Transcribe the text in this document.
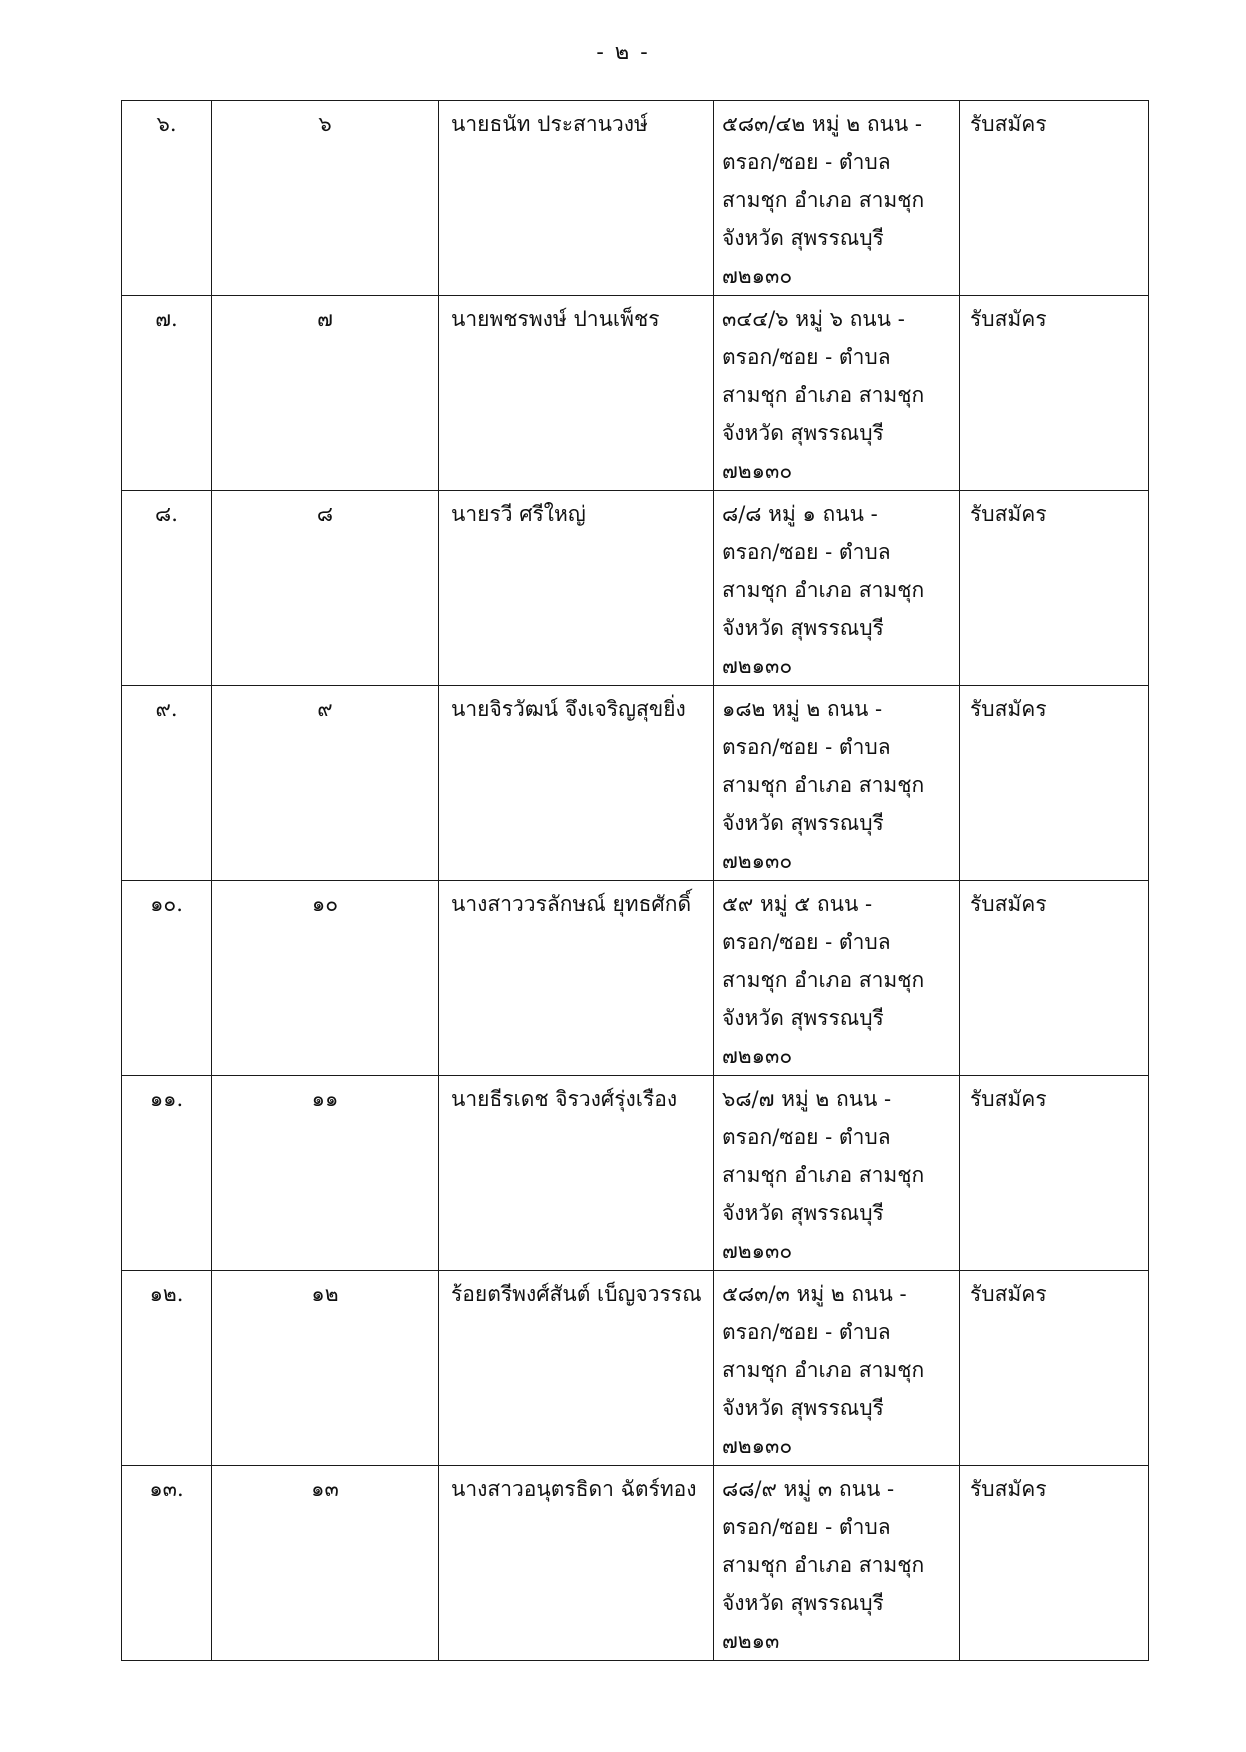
- ๒ -
๖.	๖	นายธนัท ประสานวงษ์	๕๘๓/๔๒ หมู่ ๒ ถนน -
ตรอก/ซอย - ตำบล
สามชุก อำเภอ สามชุก
จังหวัด สุพรรณบุรี
๗๒๑๓๐	รับสมัคร
๗.	๗	นายพชรพงษ์ ปานเพ็ชร	๓๔๔/๖ หมู่ ๖ ถนน -
ตรอก/ซอย - ตำบล
สามชุก อำเภอ สามชุก
จังหวัด สุพรรณบุรี
๗๒๑๓๐	รับสมัคร
๘.	๘	นายรวี ศรีใหญ่	๘/๘ หมู่ ๑ ถนน -
ตรอก/ซอย - ตำบล
สามชุก อำเภอ สามชุก
จังหวัด สุพรรณบุรี
๗๒๑๓๐	รับสมัคร
๙.	๙	นายจิรวัฒน์ จึงเจริญสุขยิ่ง	๑๘๒ หมู่ ๒ ถนน -
ตรอก/ซอย - ตำบล
สามชุก อำเภอ สามชุก
จังหวัด สุพรรณบุรี
๗๒๑๓๐	รับสมัคร
๑๐.	๑๐	นางสาววรลักษณ์ ยุทธศักดิ์	๕๙ หมู่ ๕ ถนน -
ตรอก/ซอย - ตำบล
สามชุก อำเภอ สามชุก
จังหวัด สุพรรณบุรี
๗๒๑๓๐	รับสมัคร
๑๑.	๑๑	นายธีรเดช จิรวงศ์รุ่งเรือง	๖๘/๗ หมู่ ๒ ถนน -
ตรอก/ซอย - ตำบล
สามชุก อำเภอ สามชุก
จังหวัด สุพรรณบุรี
๗๒๑๓๐	รับสมัคร
๑๒.	๑๒	ร้อยตรีพงศ์สันต์ เบ็ญจวรรณ	๕๘๓/๓ หมู่ ๒ ถนน -
ตรอก/ซอย - ตำบล
สามชุก อำเภอ สามชุก
จังหวัด สุพรรณบุรี
๗๒๑๓๐	รับสมัคร
๑๓.	๑๓	นางสาวอนุตรธิดา ฉัตร์ทอง	๘๘/๙ หมู่ ๓ ถนน -
ตรอก/ซอย - ตำบล
สามชุก อำเภอ สามชุก
จังหวัด สุพรรณบุรี
๗๒๑๓	รับสมัคร
